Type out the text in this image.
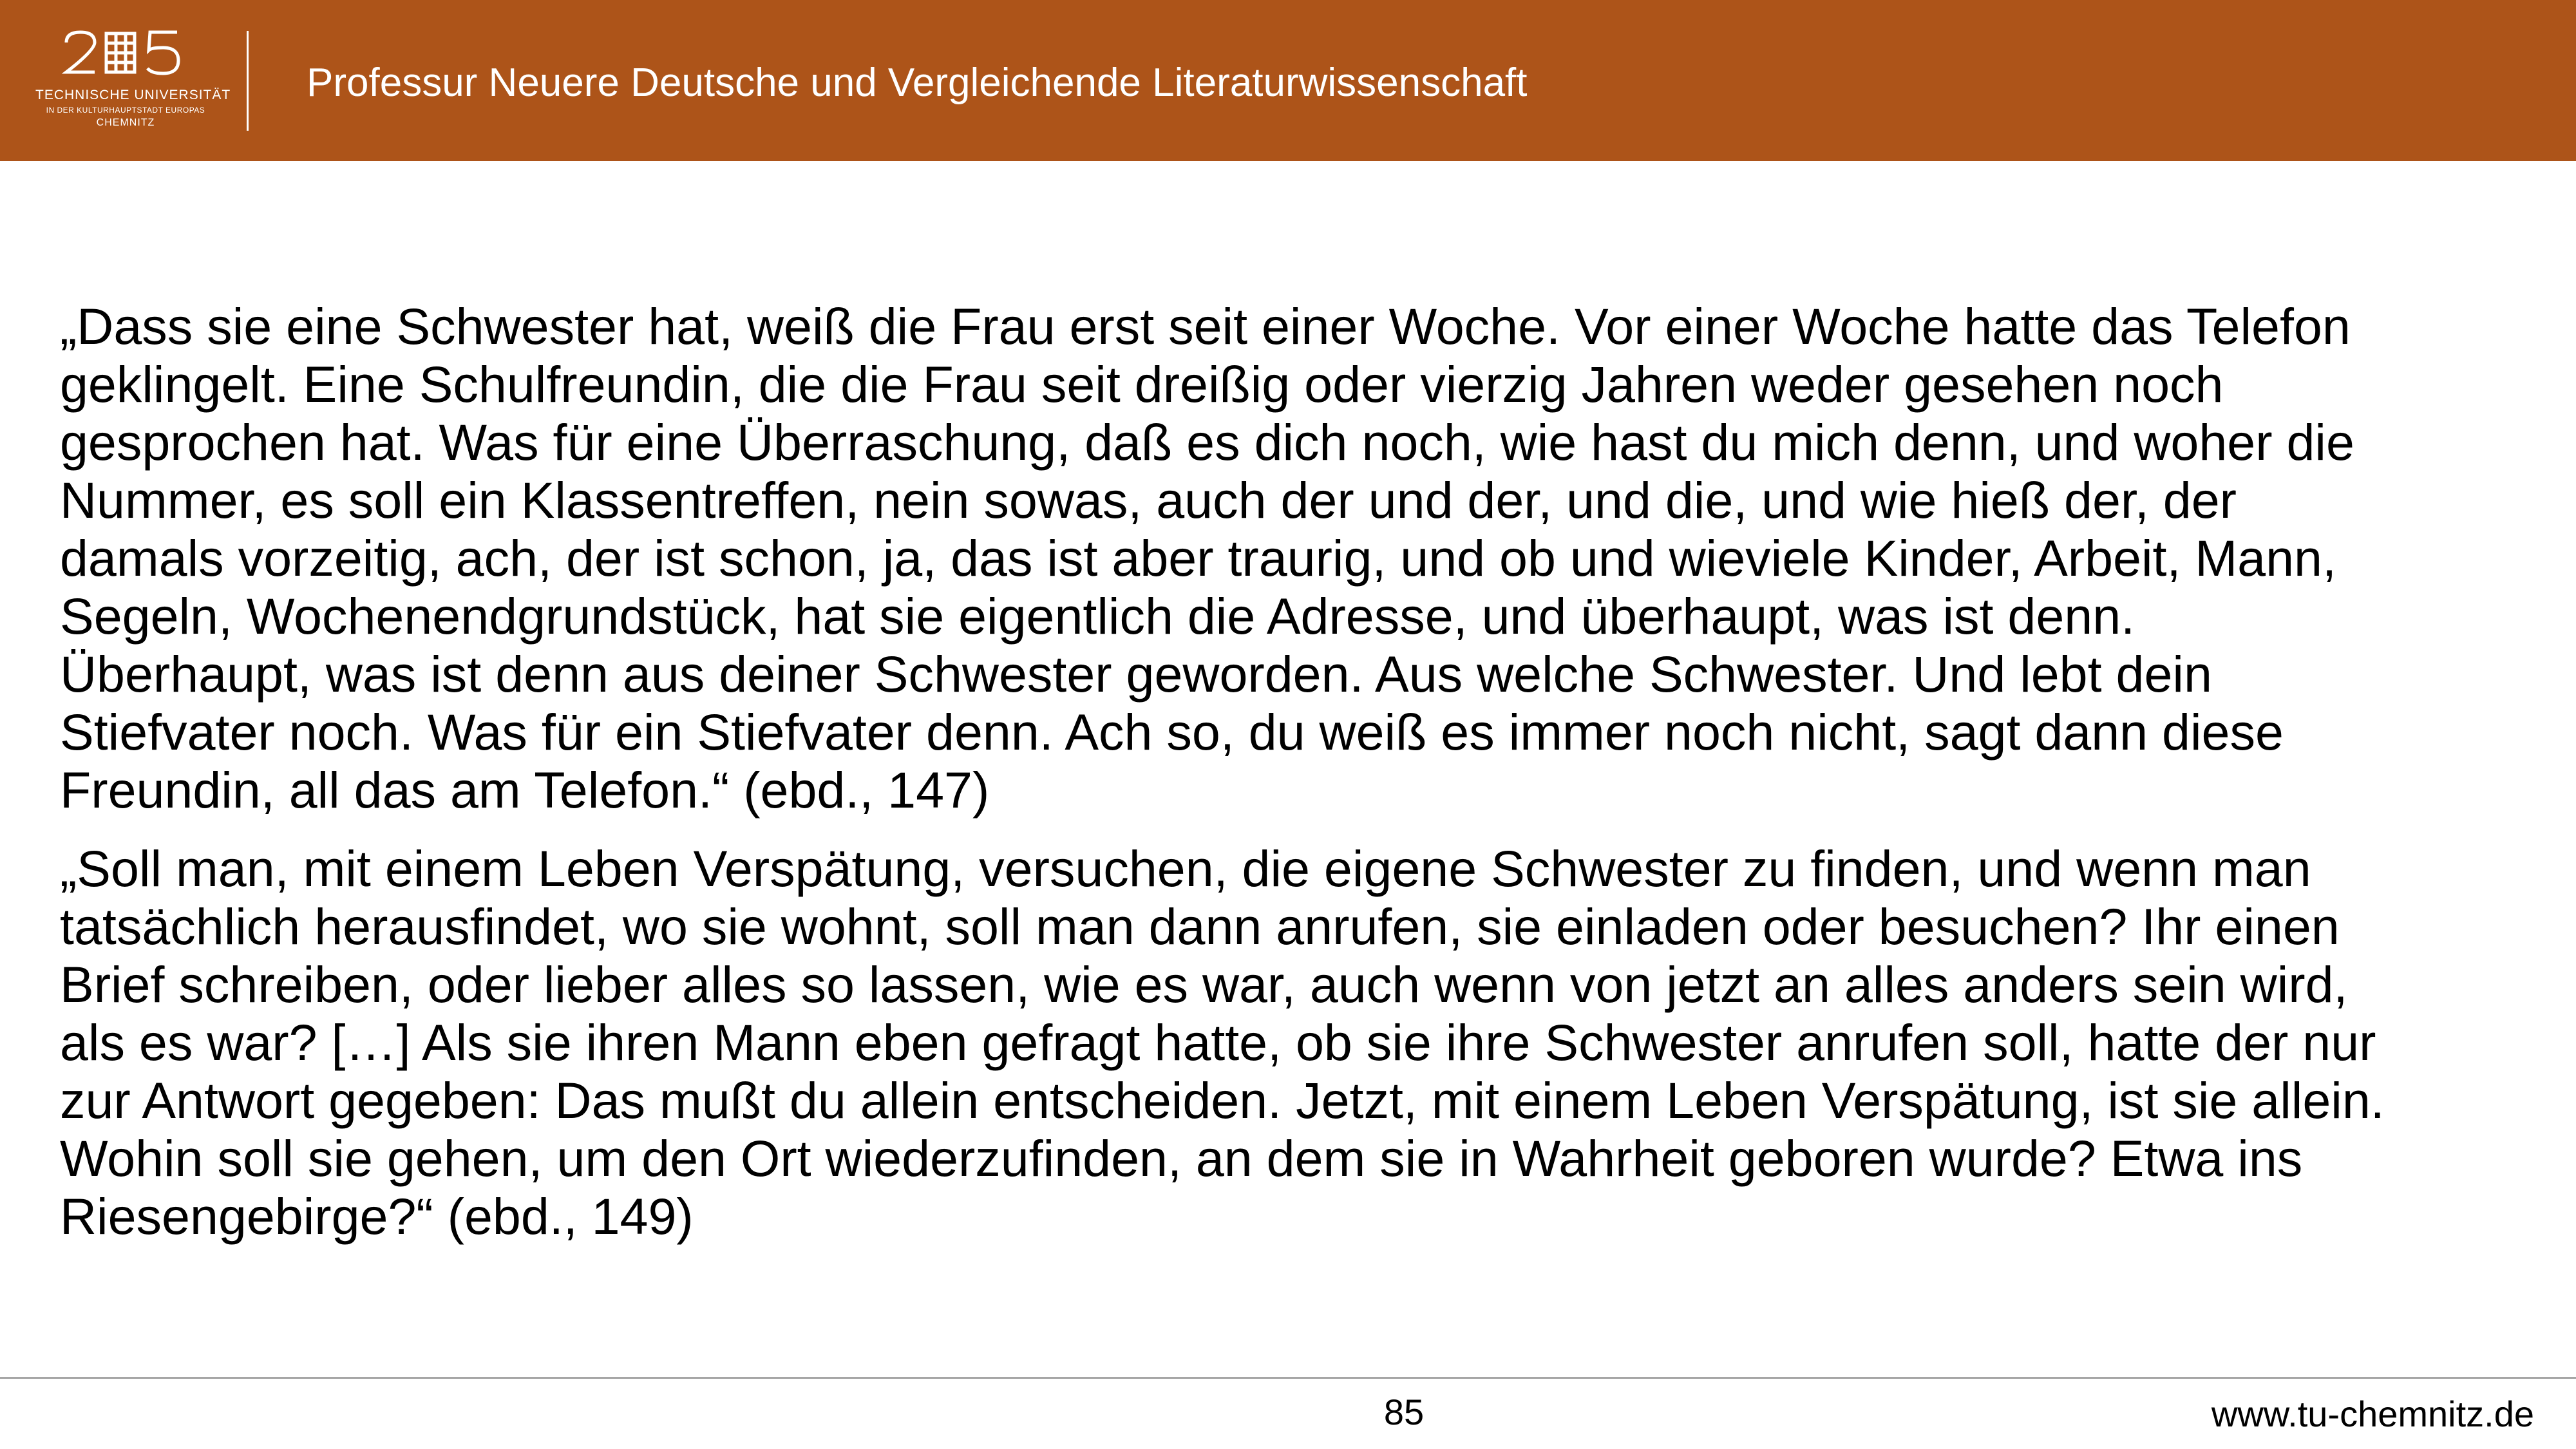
TECHNISCHE UNIVERSITÄT
IN DER KULTURHAUPTSTADT EUROPAS
CHEMNITZ
Professur Neuere Deutsche und Vergleichende Literaturwissenschaft

„Dass sie eine Schwester hat, weiß die Frau erst seit einer Woche. Vor einer Woche hatte das Telefon
geklingelt. Eine Schulfreundin, die die Frau seit dreißig oder vierzig Jahren weder gesehen noch
gesprochen hat. Was für eine Überraschung, daß es dich noch, wie hast du mich denn, und woher die
Nummer, es soll ein Klassentreffen, nein sowas, auch der und der, und die, und wie hieß der, der
damals vorzeitig, ach, der ist schon, ja, das ist aber traurig, und ob und wieviele Kinder, Arbeit, Mann,
Segeln, Wochenendgrundstück, hat sie eigentlich die Adresse, und überhaupt, was ist denn.
Überhaupt, was ist denn aus deiner Schwester geworden. Aus welche Schwester. Und lebt dein
Stiefvater noch. Was für ein Stiefvater denn. Ach so, du weiß es immer noch nicht, sagt dann diese
Freundin, all das am Telefon.“ (ebd., 147)

„Soll man, mit einem Leben Verspätung, versuchen, die eigene Schwester zu finden, und wenn man
tatsächlich herausfindet, wo sie wohnt, soll man dann anrufen, sie einladen oder besuchen? Ihr einen
Brief schreiben, oder lieber alles so lassen, wie es war, auch wenn von jetzt an alles anders sein wird,
als es war? […] Als sie ihren Mann eben gefragt hatte, ob sie ihre Schwester anrufen soll, hatte der nur
zur Antwort gegeben: Das mußt du allein entscheiden. Jetzt, mit einem Leben Verspätung, ist sie allein.
Wohin soll sie gehen, um den Ort wiederzufinden, an dem sie in Wahrheit geboren wurde? Etwa ins
Riesengebirge?“ (ebd., 149)

85	www.tu-chemnitz.de
